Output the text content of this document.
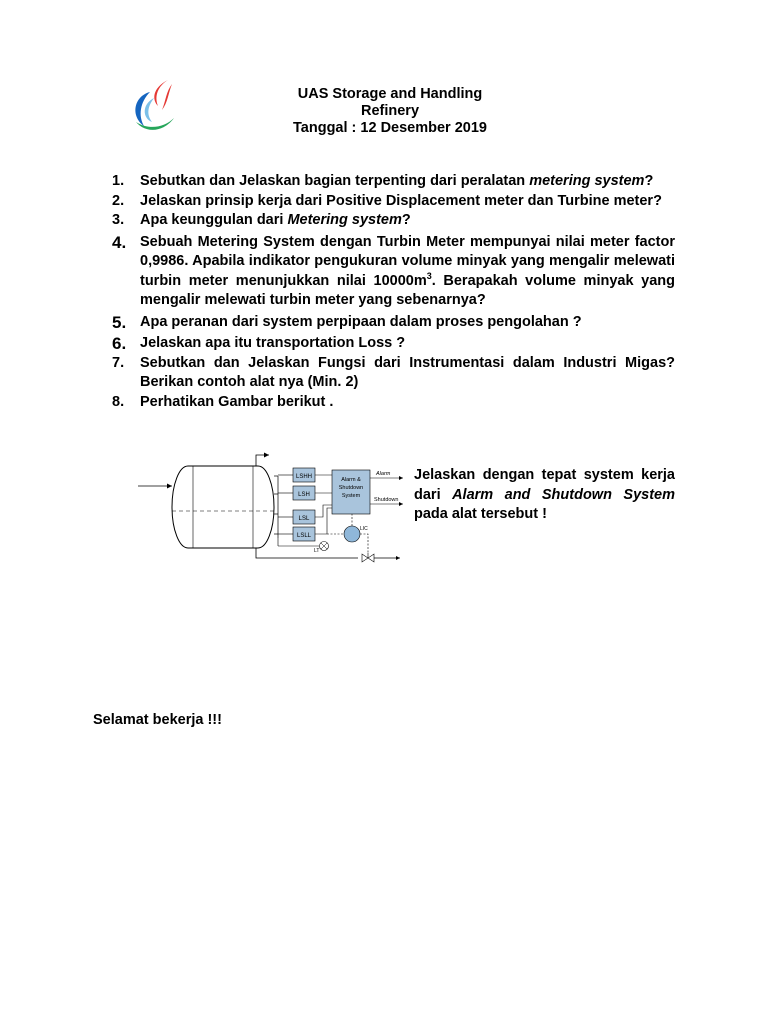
UAS Storage and Handling
Refinery
Tanggal : 12 Desember 2019
1. Sebutkan dan Jelaskan bagian terpenting dari peralatan metering system?
2. Jelaskan prinsip kerja dari Positive Displacement meter dan Turbine meter?
3. Apa keunggulan dari Metering system?
4. Sebuah Metering System dengan Turbin Meter mempunyai nilai meter factor 0,9986. Apabila indikator pengukuran volume minyak yang mengalir melewati turbin meter menunjukkan nilai $10000m^3$. Berapakah volume minyak yang mengalir melewati turbin meter yang sebenarnya?
5. Apa peranan dari system perpipaan dalam proses pengolahan ?
6. Jelaskan apa itu transportation Loss ?
7. Sebutkan dan Jelaskan Fungsi dari Instrumentasi dalam Industri Migas? Berikan contoh alat nya (Min. 2)
8. Perhatikan Gambar berikut .
LSHH
LSH
LSL
LSLL
Alarm &
Shutdown
System
Alarm
Shutdown
LIC
LT
Jelaskan dengan tepat system kerja dari Alarm and Shutdown System pada alat tersebut !
Selamat bekerja !!!
